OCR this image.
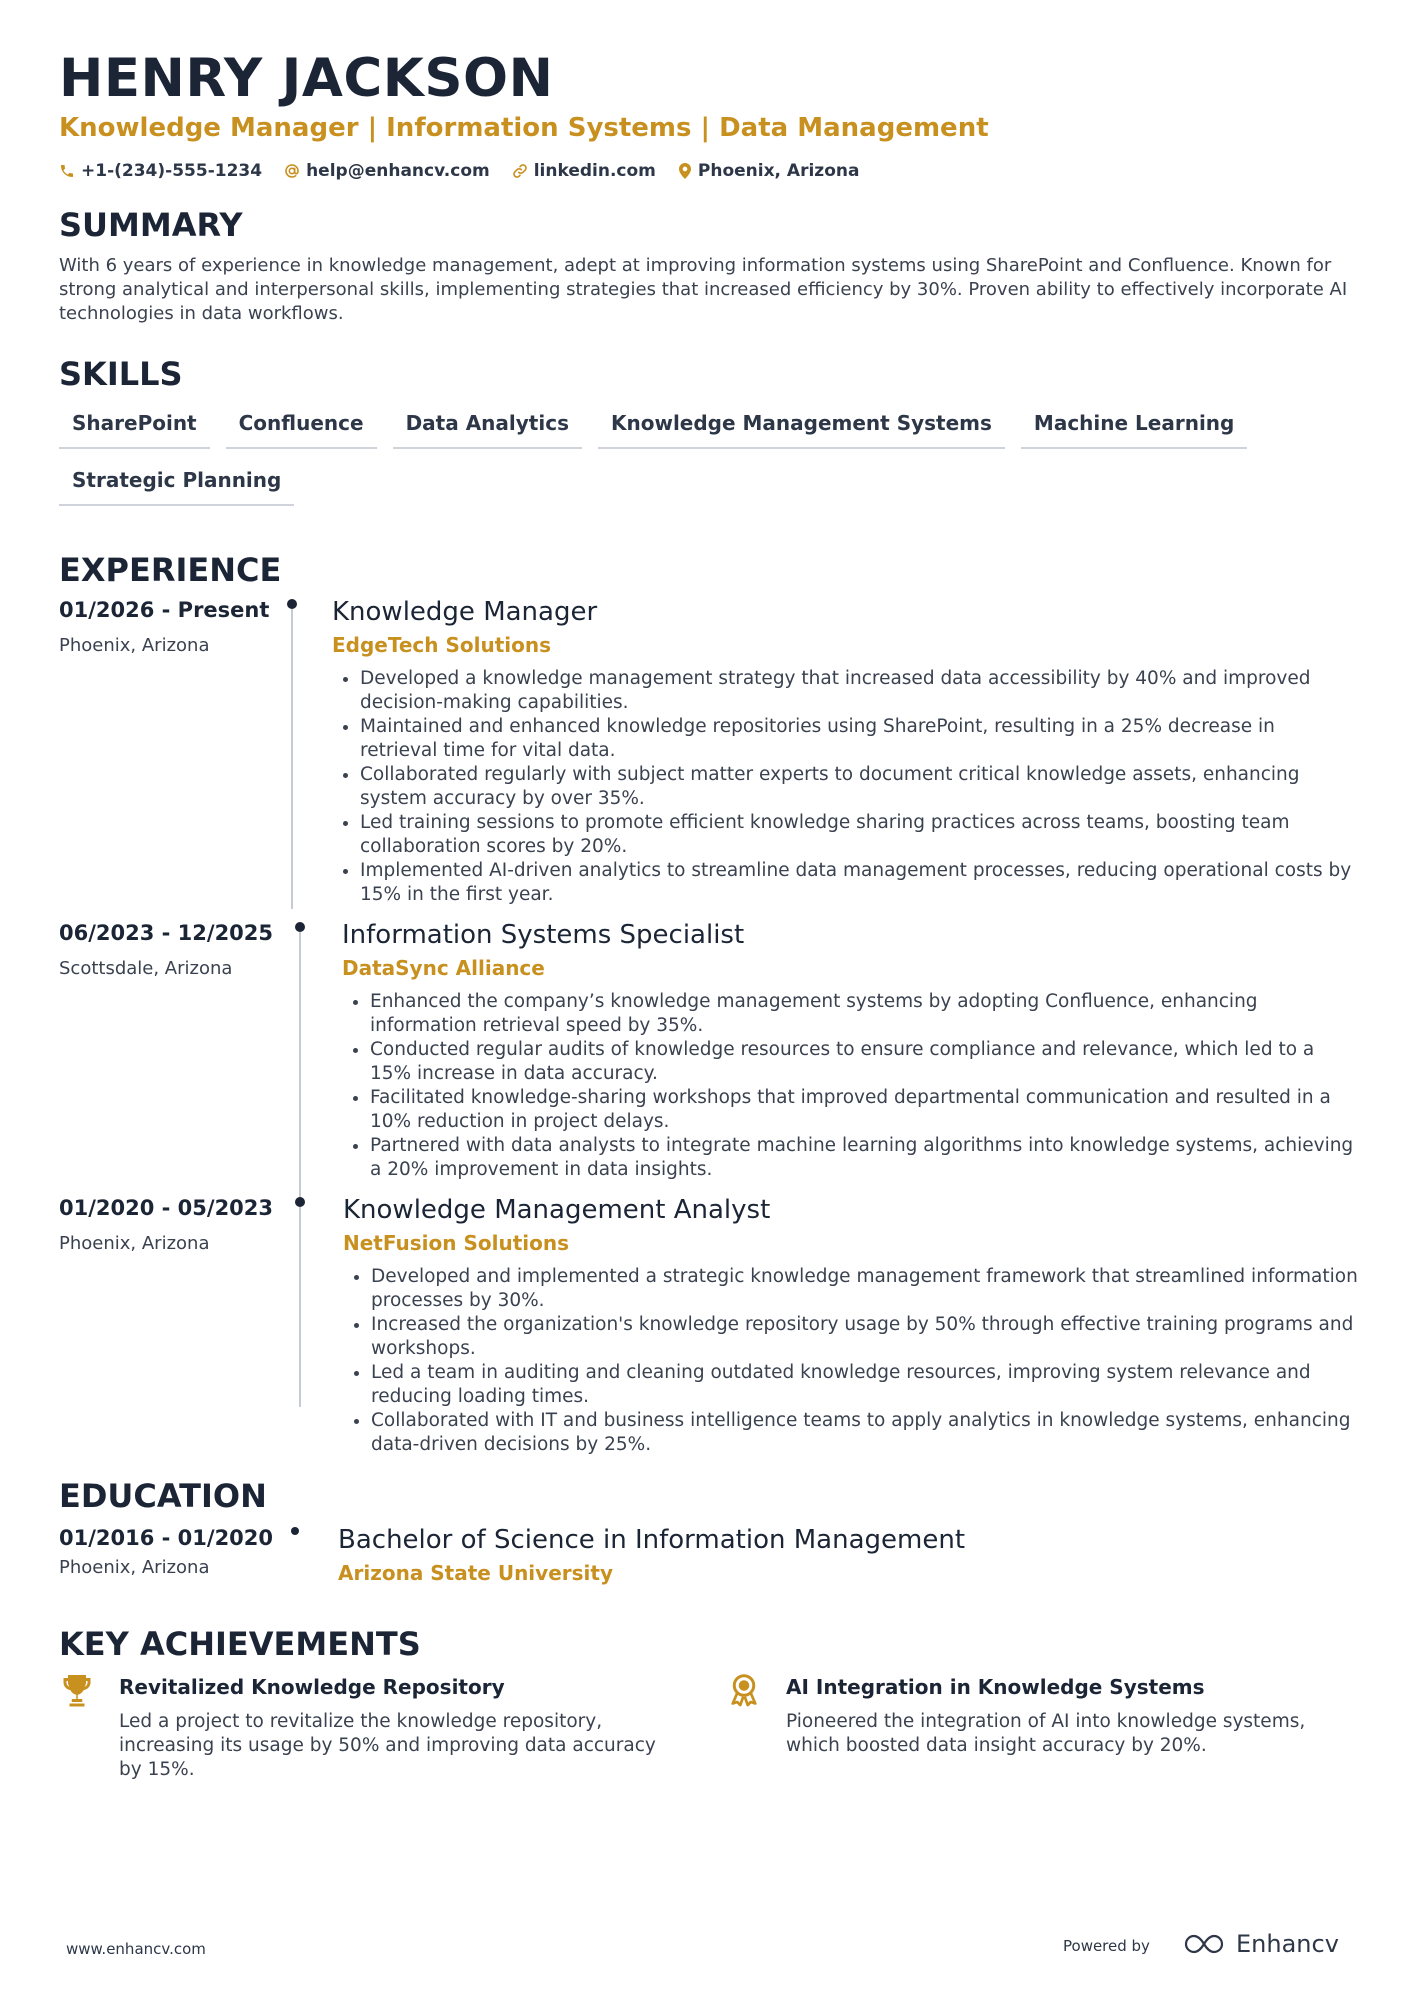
HENRY JACKSON
Knowledge Manager | Information Systems | Data Management
+1-(234)-555-1234	help@enhancv.com	linkedin.com Phoenix, Arizona
SUMMARY
With 6 years of experience in knowledge management, adept at improving information systems using SharePoint and Confluence. Known for strong analytical and interpersonal skills, implementing strategies that increased efficiency by 30%. Proven ability to effectively incorporate AI technologies in data workflows.
SKILLS
SharePoint	Confluence	Data Analytics	Knowledge Management Systems	Machine Learning
Strategic Planning
EXPERIENCE
01/2026 - Present
Phoenix, Arizona
Knowledge Manager
EdgeTech Solutions
• Developed a knowledge management strategy that increased data accessibility by 40% and improved decision-making capabilities.
• Maintained and enhanced knowledge repositories using SharePoint, resulting in a 25% decrease in retrieval time for vital data.
• Collaborated regularly with subject matter experts to document critical knowledge assets, enhancing system accuracy by over 35%.
• Led training sessions to promote efficient knowledge sharing practices across teams, boosting team collaboration scores by 20%.
• Implemented AI-driven analytics to streamline data management processes, reducing operational costs by 15% in the first year.
06/2023 - 12/2025
Scottsdale, Arizona
Information Systems Specialist
DataSync Alliance
• Enhanced the company’s knowledge management systems by adopting Confluence, enhancing information retrieval speed by 35%.
• Conducted regular audits of knowledge resources to ensure compliance and relevance, which led to a 15% increase in data accuracy.
• Facilitated knowledge-sharing workshops that improved departmental communication and resulted in a 10% reduction in project delays.
• Partnered with data analysts to integrate machine learning algorithms into knowledge systems, achieving a 20% improvement in data insights.
01/2020 - 05/2023
Phoenix, Arizona
Knowledge Management Analyst
NetFusion Solutions
• Developed and implemented a strategic knowledge management framework that streamlined information processes by 30%.
• Increased the organization's knowledge repository usage by 50% through effective training programs and workshops.
• Led a team in auditing and cleaning outdated knowledge resources, improving system relevance and reducing loading times.
• Collaborated with IT and business intelligence teams to apply analytics in knowledge systems, enhancing data-driven decisions by 25%.
EDUCATION
01/2016 - 01/2020
Phoenix, Arizona
Bachelor of Science in Information Management
Arizona State University
KEY ACHIEVEMENTS
Revitalized Knowledge Repository
Led a project to revitalize the knowledge repository, increasing its usage by 50% and improving data accuracy by 15%.
AI Integration in Knowledge Systems
Pioneered the integration of AI into knowledge systems, which boosted data insight accuracy by 20%.
www.enhancv.com	Powered by	Enhancv
